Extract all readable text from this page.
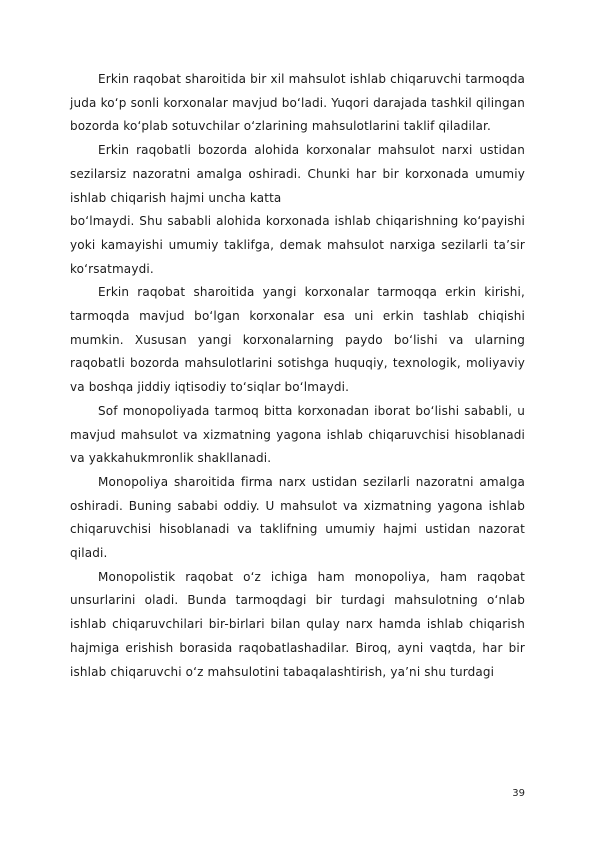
Erkin raqobat sharoitida bir xil mahsulot ishlab chiqaruvchi tarmoqda juda ko‘p sonli korxonalar mavjud bo‘ladi. Yuqori darajada tashkil qilingan bozorda ko‘plab sotuvchilar o‘zlarining mahsulotlarini taklif qiladilar.

Erkin raqobatli bozorda alohida korxonalar mahsulot narxi ustidan sezilarsiz nazoratni amalga oshiradi. Chunki har bir korxonada umumiy ishlab chiqarish hajmi uncha katta

bo‘lmaydi. Shu sababli alohida korxonada ishlab chiqarishning ko‘payishi yoki kamayishi umumiy taklifga, demak mahsulot narxiga sezilarli ta’sir ko‘rsatmaydi.

Erkin raqobat sharoitida yangi korxonalar tarmoqqa erkin kirishi, tarmoqda mavjud bo‘lgan korxonalar esa uni erkin tashlab chiqishi mumkin. Xususan yangi korxonalarning paydo bo‘lishi va ularning raqobatli bozorda mahsulotlarini sotishga huquqiy, texnologik, moliyaviy va boshqa jiddiy iqtisodiy to‘siqlar bo‘lmaydi.

Sof monopoliyada tarmoq bitta korxonadan iborat bo‘lishi sababli, u mavjud mahsulot va xizmatning yagona ishlab chiqaruvchisi hisoblanadi va yakkahukmronlik shakllanadi.

Monopoliya sharoitida firma narx ustidan sezilarli nazoratni amalga oshiradi. Buning sababi oddiy. U mahsulot va xizmatning yagona ishlab chiqaruvchisi hisoblanadi va taklifning umumiy hajmi ustidan nazorat qiladi.

Monopolistik raqobat o‘z ichiga ham monopoliya, ham raqobat unsurlarini oladi. Bunda tarmoqdagi bir turdagi mahsulotning o‘nlab ishlab chiqaruvchilari bir-birlari bilan qulay narx hamda ishlab chiqarish hajmiga erishish borasida raqobatlashadilar. Biroq, ayni vaqtda, har bir ishlab chiqaruvchi o‘z mahsulotini tabaqalashtirish, ya’ni shu turdagi

39
